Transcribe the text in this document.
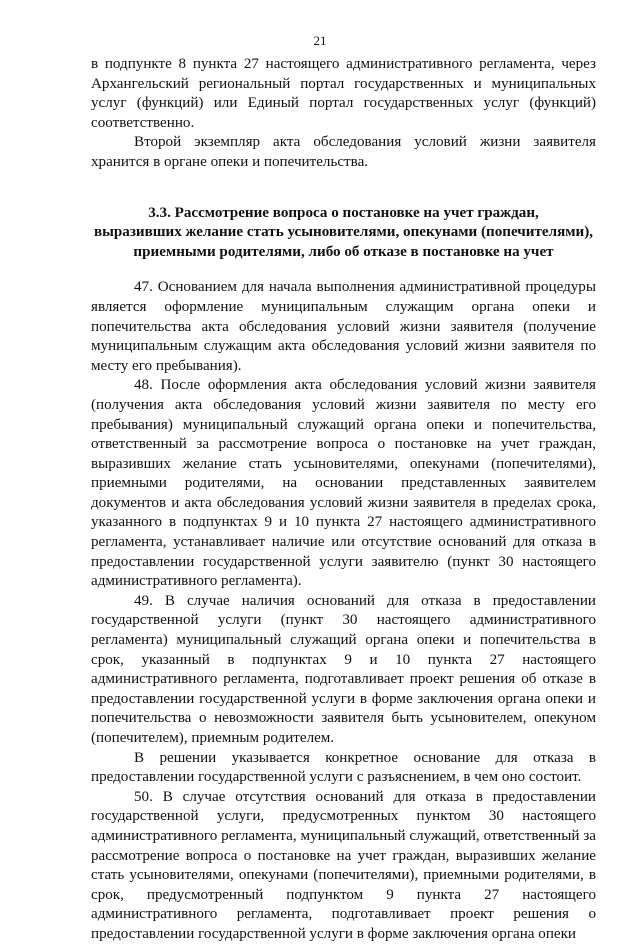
21

в подпункте 8 пункта 27 настоящего административного регламента, через Архангельский региональный портал государственных и муниципальных услуг (функций) или Единый портал государственных услуг (функций) соответственно.

Второй экземпляр акта обследования условий жизни заявителя хранится в органе опеки и попечительства.

3.3. Рассмотрение вопроса о постановке на учет граждан,
выразивших желание стать усыновителями, опекунами (попечителями),
приемными родителями, либо об отказе в постановке на учет

47. Основанием для начала выполнения административной процедуры является оформление муниципальным служащим органа опеки и попечительства акта обследования условий жизни заявителя (получение муниципальным служащим акта обследования условий жизни заявителя по месту его пребывания).

48. После оформления акта обследования условий жизни заявителя (получения акта обследования условий жизни заявителя по месту его пребывания) муниципальный служащий органа опеки и попечительства, ответственный за рассмотрение вопроса о постановке на учет граждан, выразивших желание стать усыновителями, опекунами (попечителями), приемными родителями, на основании представленных заявителем документов и акта обследования условий жизни заявителя в пределах срока, указанного в подпунктах 9 и 10 пункта 27 настоящего административного регламента, устанавливает наличие или отсутствие оснований для отказа в предоставлении государственной услуги заявителю (пункт 30 настоящего административного регламента).

49. В случае наличия оснований для отказа в предоставлении государственной услуги (пункт 30 настоящего административного регламента) муниципальный служащий органа опеки и попечительства в срок, указанный в подпунктах 9 и 10 пункта 27 настоящего административного регламента, подготавливает проект решения об отказе в предоставлении государственной услуги в форме заключения органа опеки и попечительства о невозможности заявителя быть усыновителем, опекуном (попечителем), приемным родителем.

В решении указывается конкретное основание для отказа в предоставлении государственной услуги с разъяснением, в чем оно состоит.

50. В случае отсутствия оснований для отказа в предоставлении государственной услуги, предусмотренных пунктом 30 настоящего административного регламента, муниципальный служащий, ответственный за рассмотрение вопроса о постановке на учет граждан, выразивших желание стать усыновителями, опекунами (попечителями), приемными родителями, в срок, предусмотренный подпунктом 9 пункта 27 настоящего административного регламента, подготавливает проект решения о предоставлении государственной услуги в форме заключения органа опеки
